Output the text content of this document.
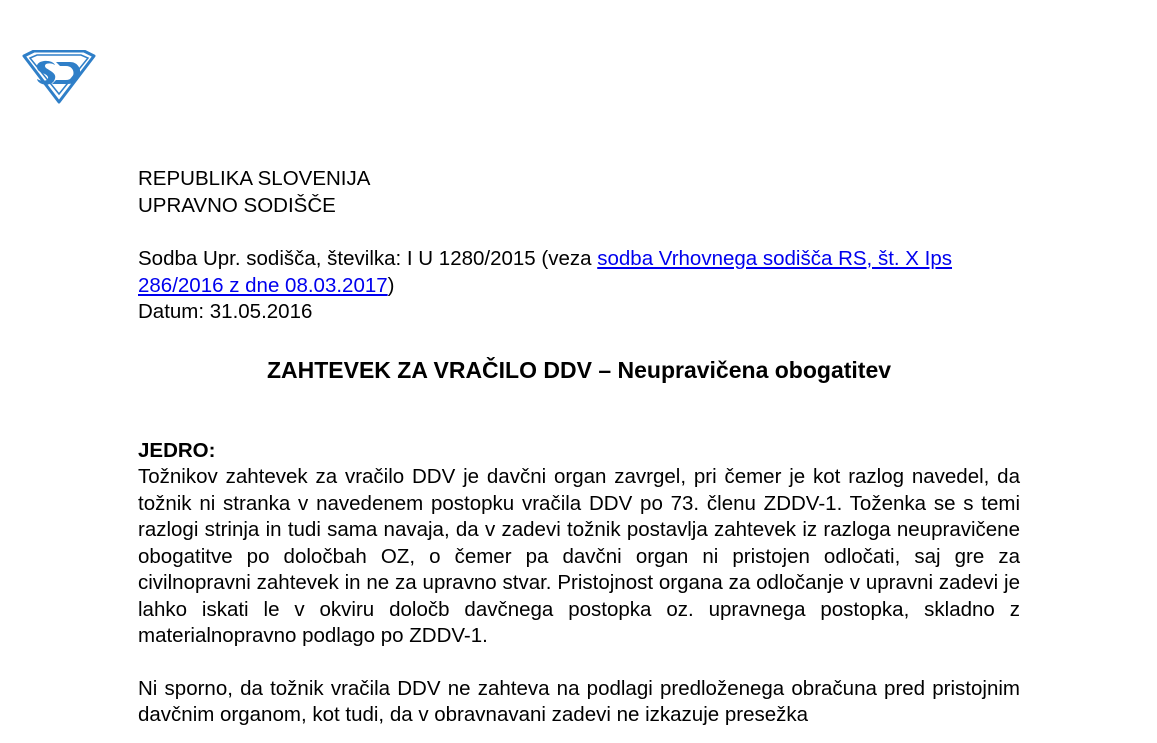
SD

REPUBLIKA SLOVENIJA

UPRAVNO SODIŠČE

Sodba Upr. sodišča, številka: I U 1280/2015 (veza sodba Vrhovnega sodišča RS, št. X Ips 286/2016 z dne 08.03.2017)

Datum: 31.05.2016

ZAHTEVEK ZA VRAČILO DDV – Neupravičena obogatitev

JEDRO:

Tožnikov zahtevek za vračilo DDV je davčni organ zavrgel, pri čemer je kot razlog navedel, da tožnik ni stranka v navedenem postopku vračila DDV po 73. členu ZDDV-1. Toženka se s temi razlogi strinja in tudi sama navaja, da v zadevi tožnik postavlja zahtevek iz razloga neupravičene obogatitve po določbah OZ, o čemer pa davčni organ ni pristojen odločati, saj gre za civilnopravni zahtevek in ne za upravno stvar. Pristojnost organa za odločanje v upravni zadevi je lahko iskati le v okviru določb davčnega postopka oz. upravnega postopka, skladno z materialnopravno podlago po ZDDV-1.

Ni sporno, da tožnik vračila DDV ne zahteva na podlagi predloženega obračuna pred pristojnim davčnim organom, kot tudi, da v obravnavani zadevi ne izkazuje presežka
